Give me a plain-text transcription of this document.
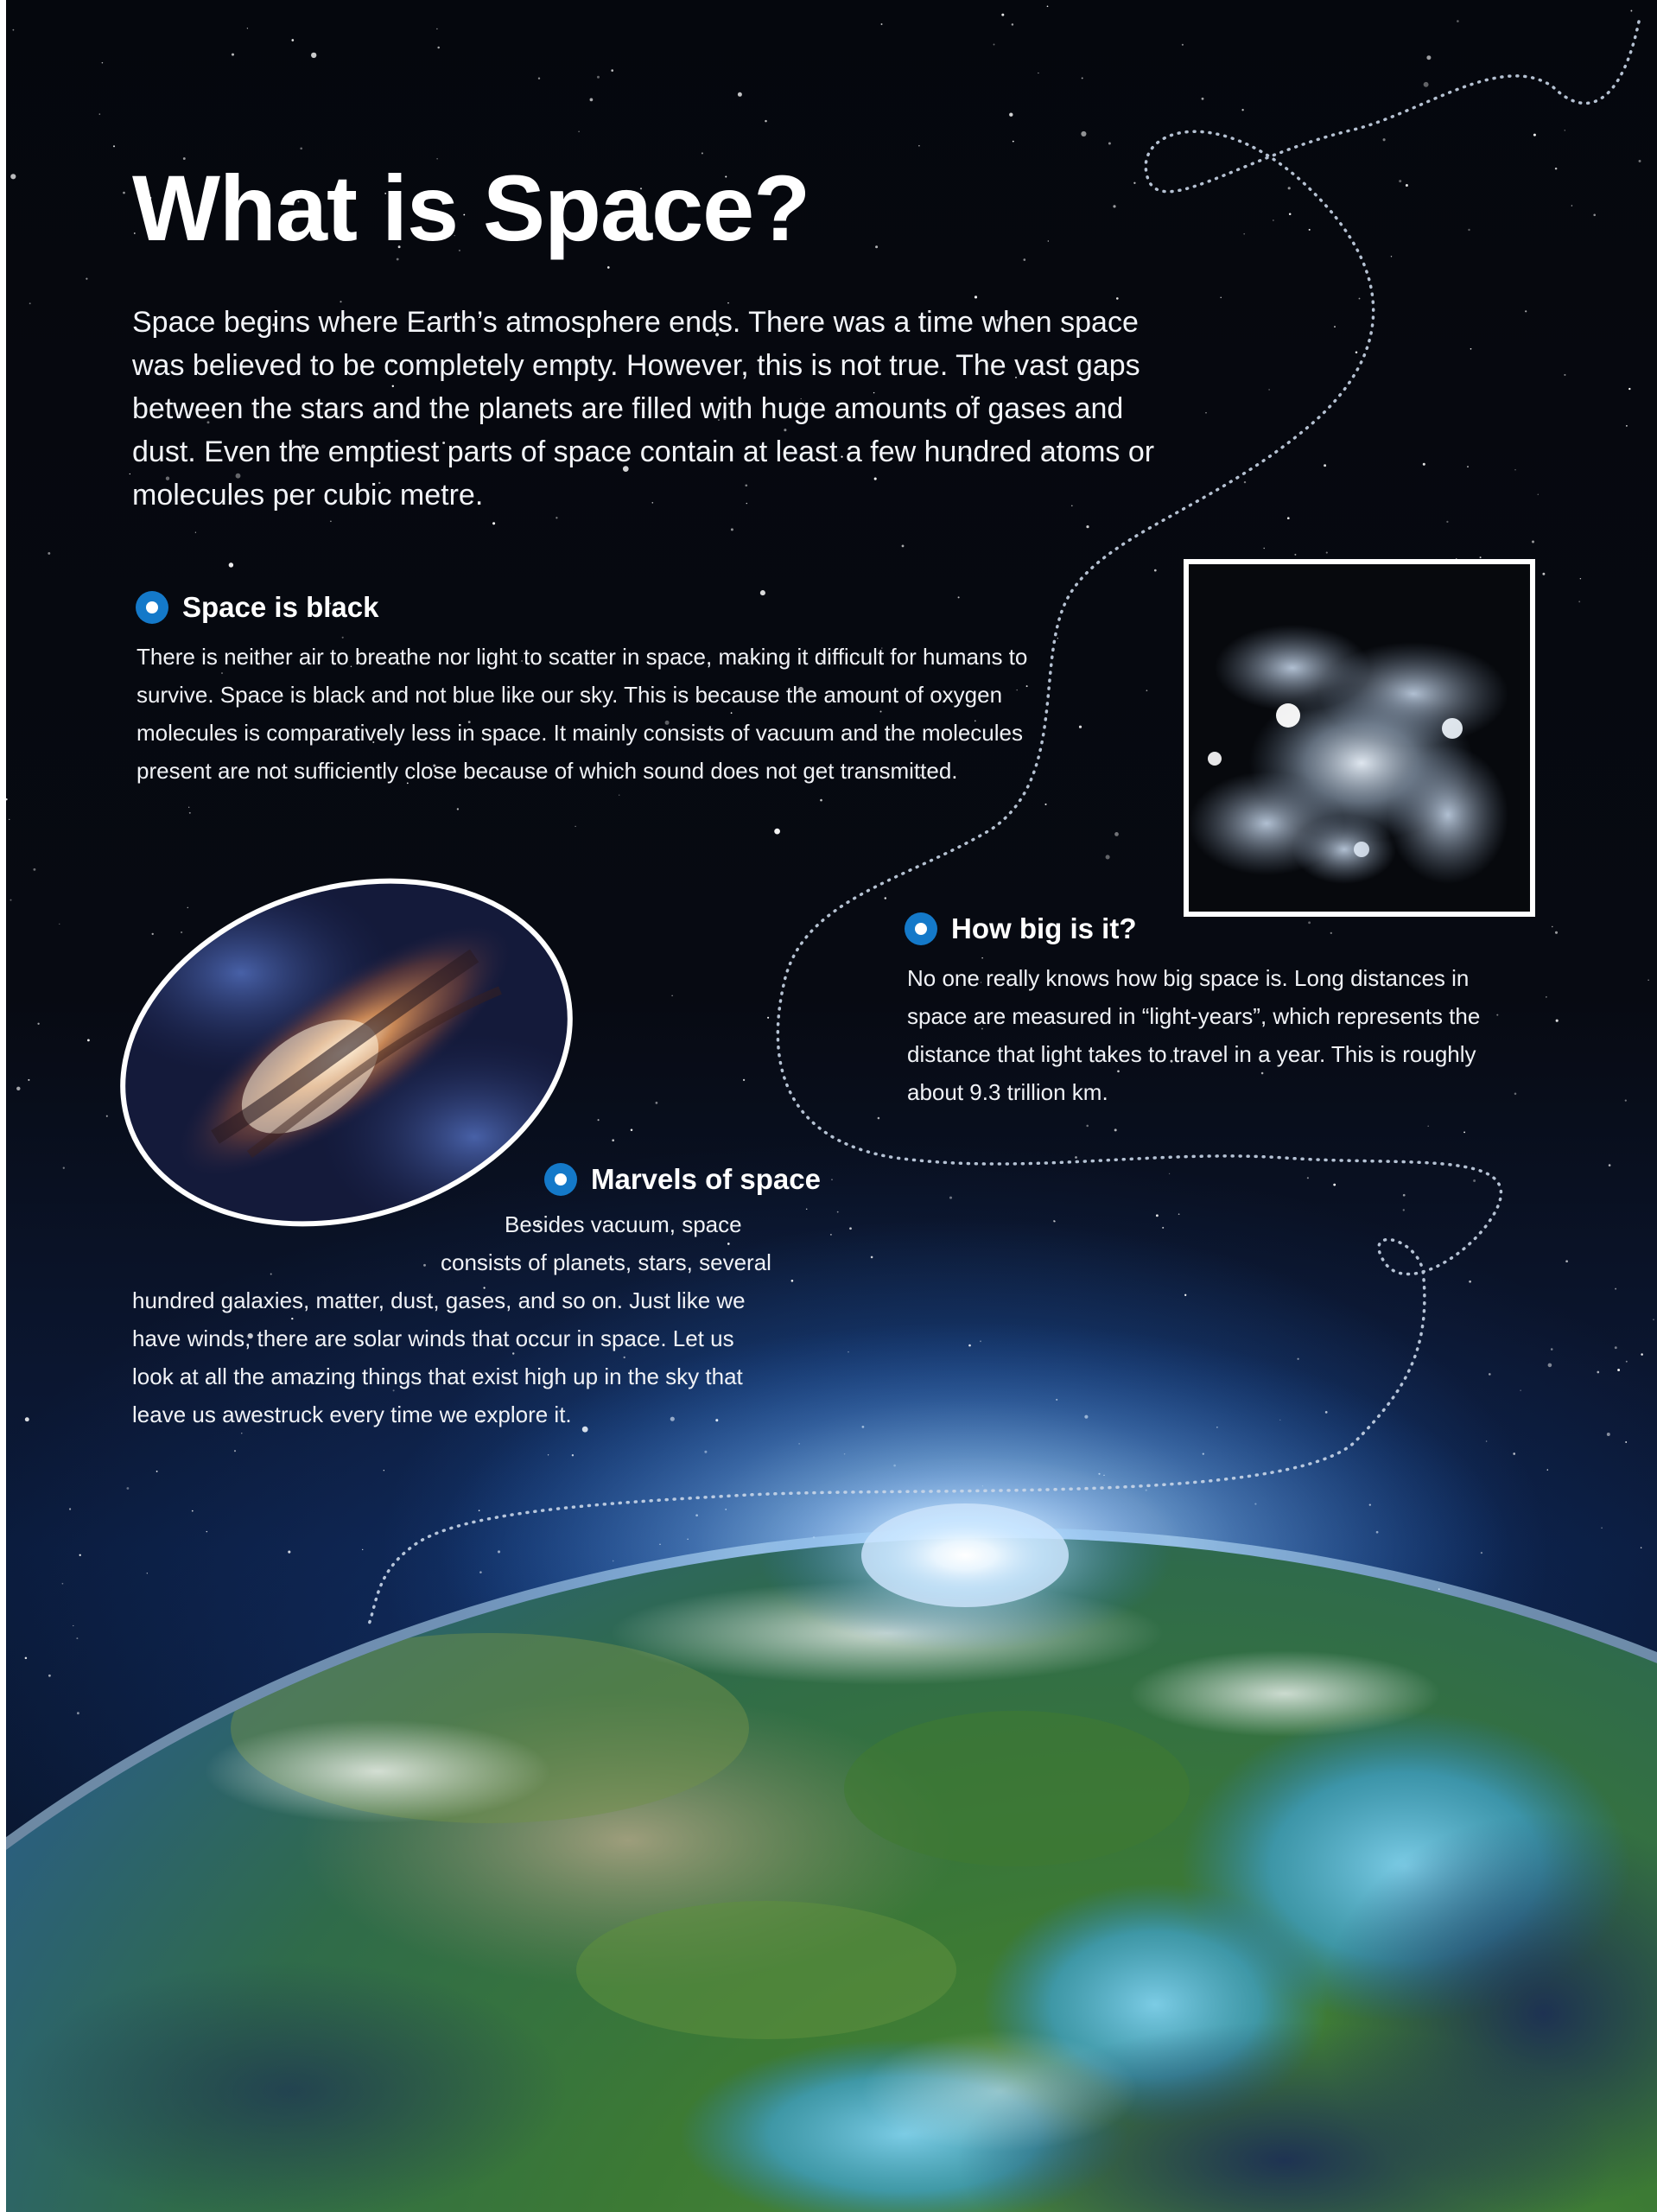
What is Space?

Space begins where Earth’s atmosphere ends. There was a time when space was believed to be completely empty. However, this is not true. The vast gaps between the stars and the planets are filled with huge amounts of gases and dust. Even the emptiest parts of space contain at least a few hundred atoms or molecules per cubic metre.

Space is black

There is neither air to breathe nor light to scatter in space, making it difficult for humans to survive. Space is black and not blue like our sky. This is because the amount of oxygen molecules is comparatively less in space. It mainly consists of vacuum and the molecules present are not sufficiently close because of which sound does not get transmitted.

How big is it?

No one really knows how big space is. Long distances in space are measured in “light-years”, which represents the distance that light takes to travel in a year. This is roughly about 9.3 trillion km.

Marvels of space
Besides vacuum, space
consists of planets, stars, several
hundred galaxies, matter, dust, gases, and so on. Just like we
have winds, there are solar winds that occur in space. Let us
look at all the amazing things that exist high up in the sky that
leave us awestruck every time we explore it.
